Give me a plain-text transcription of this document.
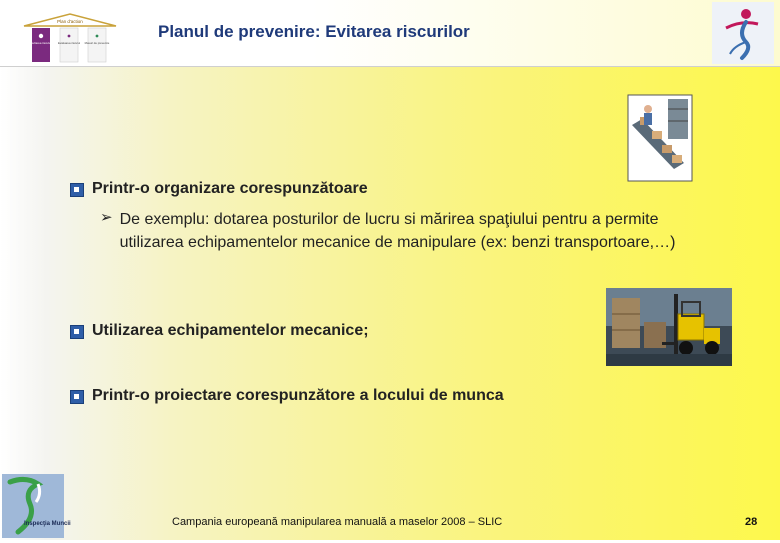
Plan d'action
Evitarea riscului	Evaluarea riscului Masuri de prevenire
Planul de prevenire: Evitarea riscurilor
Printr-o organizare corespunzătoare
➢ De exemplu: dotarea posturilor de lucru si mărirea spaţiului pentru a permite utilizarea echipamentelor mecanice de manipulare (ex: benzi transportoare,…)
Utilizarea echipamentelor mecanice;
Printr-o proiectare corespunzătore a locului de munca
Inspecţia Muncii	Campania europeană manipularea manuală a maselor 2008 – SLIC	28
